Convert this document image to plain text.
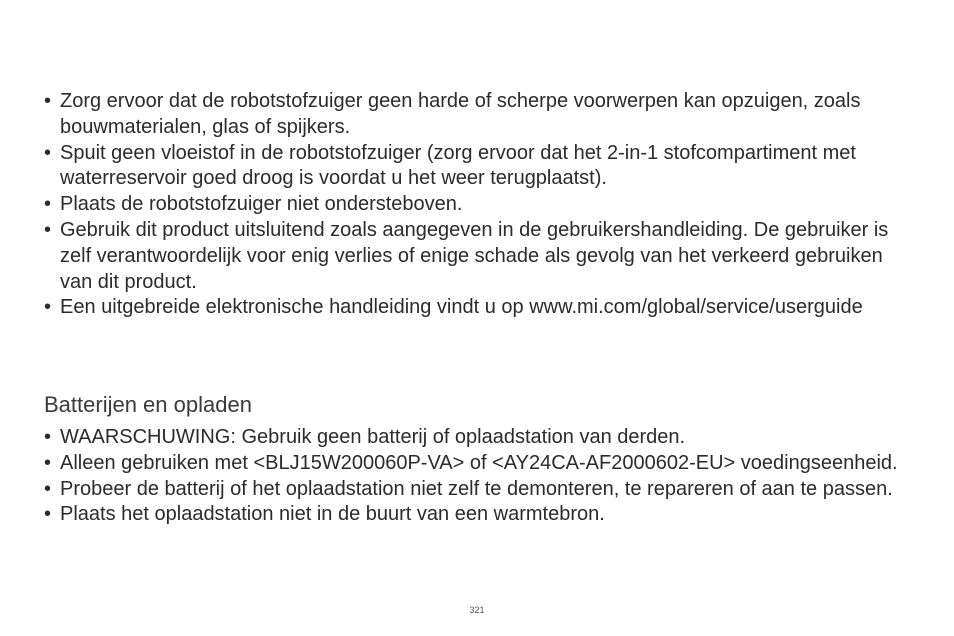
• Zorg ervoor dat de robotstofzuiger geen harde of scherpe voorwerpen kan opzuigen, zoals bouwmaterialen, glas of spijkers.
• Spuit geen vloeistof in de robotstofzuiger (zorg ervoor dat het 2-in-1 stofcompartiment met waterreservoir goed droog is voordat u het weer terugplaatst).
• Plaats de robotstofzuiger niet ondersteboven.
• Gebruik dit product uitsluitend zoals aangegeven in de gebruikershandleiding. De gebruiker is zelf verantwoordelijk voor enig verlies of enige schade als gevolg van het verkeerd gebruiken van dit product.
• Een uitgebreide elektronische handleiding vindt u op www.mi.com/global/service/userguide
Batterijen en opladen
• WAARSCHUWING: Gebruik geen batterij of oplaadstation van derden.
• Alleen gebruiken met <BLJ15W200060P-VA> of <AY24CA-AF2000602-EU> voedingseenheid.
• Probeer de batterij of het oplaadstation niet zelf te demonteren, te repareren of aan te passen.
• Plaats het oplaadstation niet in de buurt van een warmtebron.
321
